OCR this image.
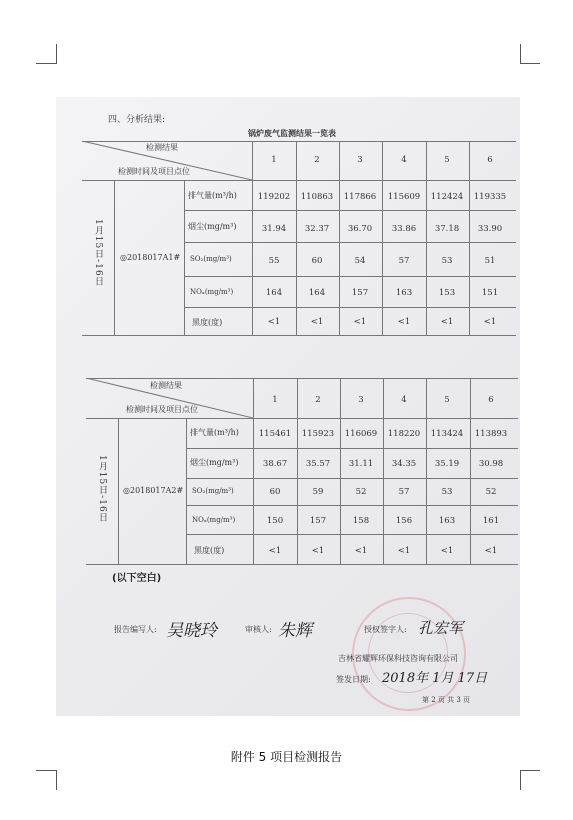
四、分析结果:
锅炉废气监测结果一览表
检测结果
检测时间及项目点位
1	2	3	4	5	6
1月15日-16日 ◎2018017A1#
排气量(m³/h)	119202	110863	117866	115609	112424	119335
烟尘(mg/m³)	31.94	32.37	36.70	33.86	37.18	33.90
SO₂(mg/m³)	55	60	54	57	53	51
NOₓ(mg/m³)	164	164	157	163	153	151
黑度(度)	<1	<1	<1	<1	<1	<1
检测结果
检测时间及项目点位
1	2	3	4	5	6
1月15日-16日 ◎2018017A2#
排气量(m³/h)	115461	115923	116069	118220	113424	113893
烟尘(mg/m³)	38.67	35.57	31.11	34.35	35.19	30.98
SO₂(mg/m³)	60	59	52	57	53	52
NOₓ(mg/m³)	150	157	158	156	163	161
黑度(度)	<1	<1	<1	<1	<1	<1
(以下空白)
报告编写人: 吴晓玲	审核人: 朱辉	授权签字人: 孔宏军
吉林省耀辉环保科技咨询有限公司
签发日期: 2018年 1月 17日
第 2 页 共 3 页
附件 5 项目检测报告
